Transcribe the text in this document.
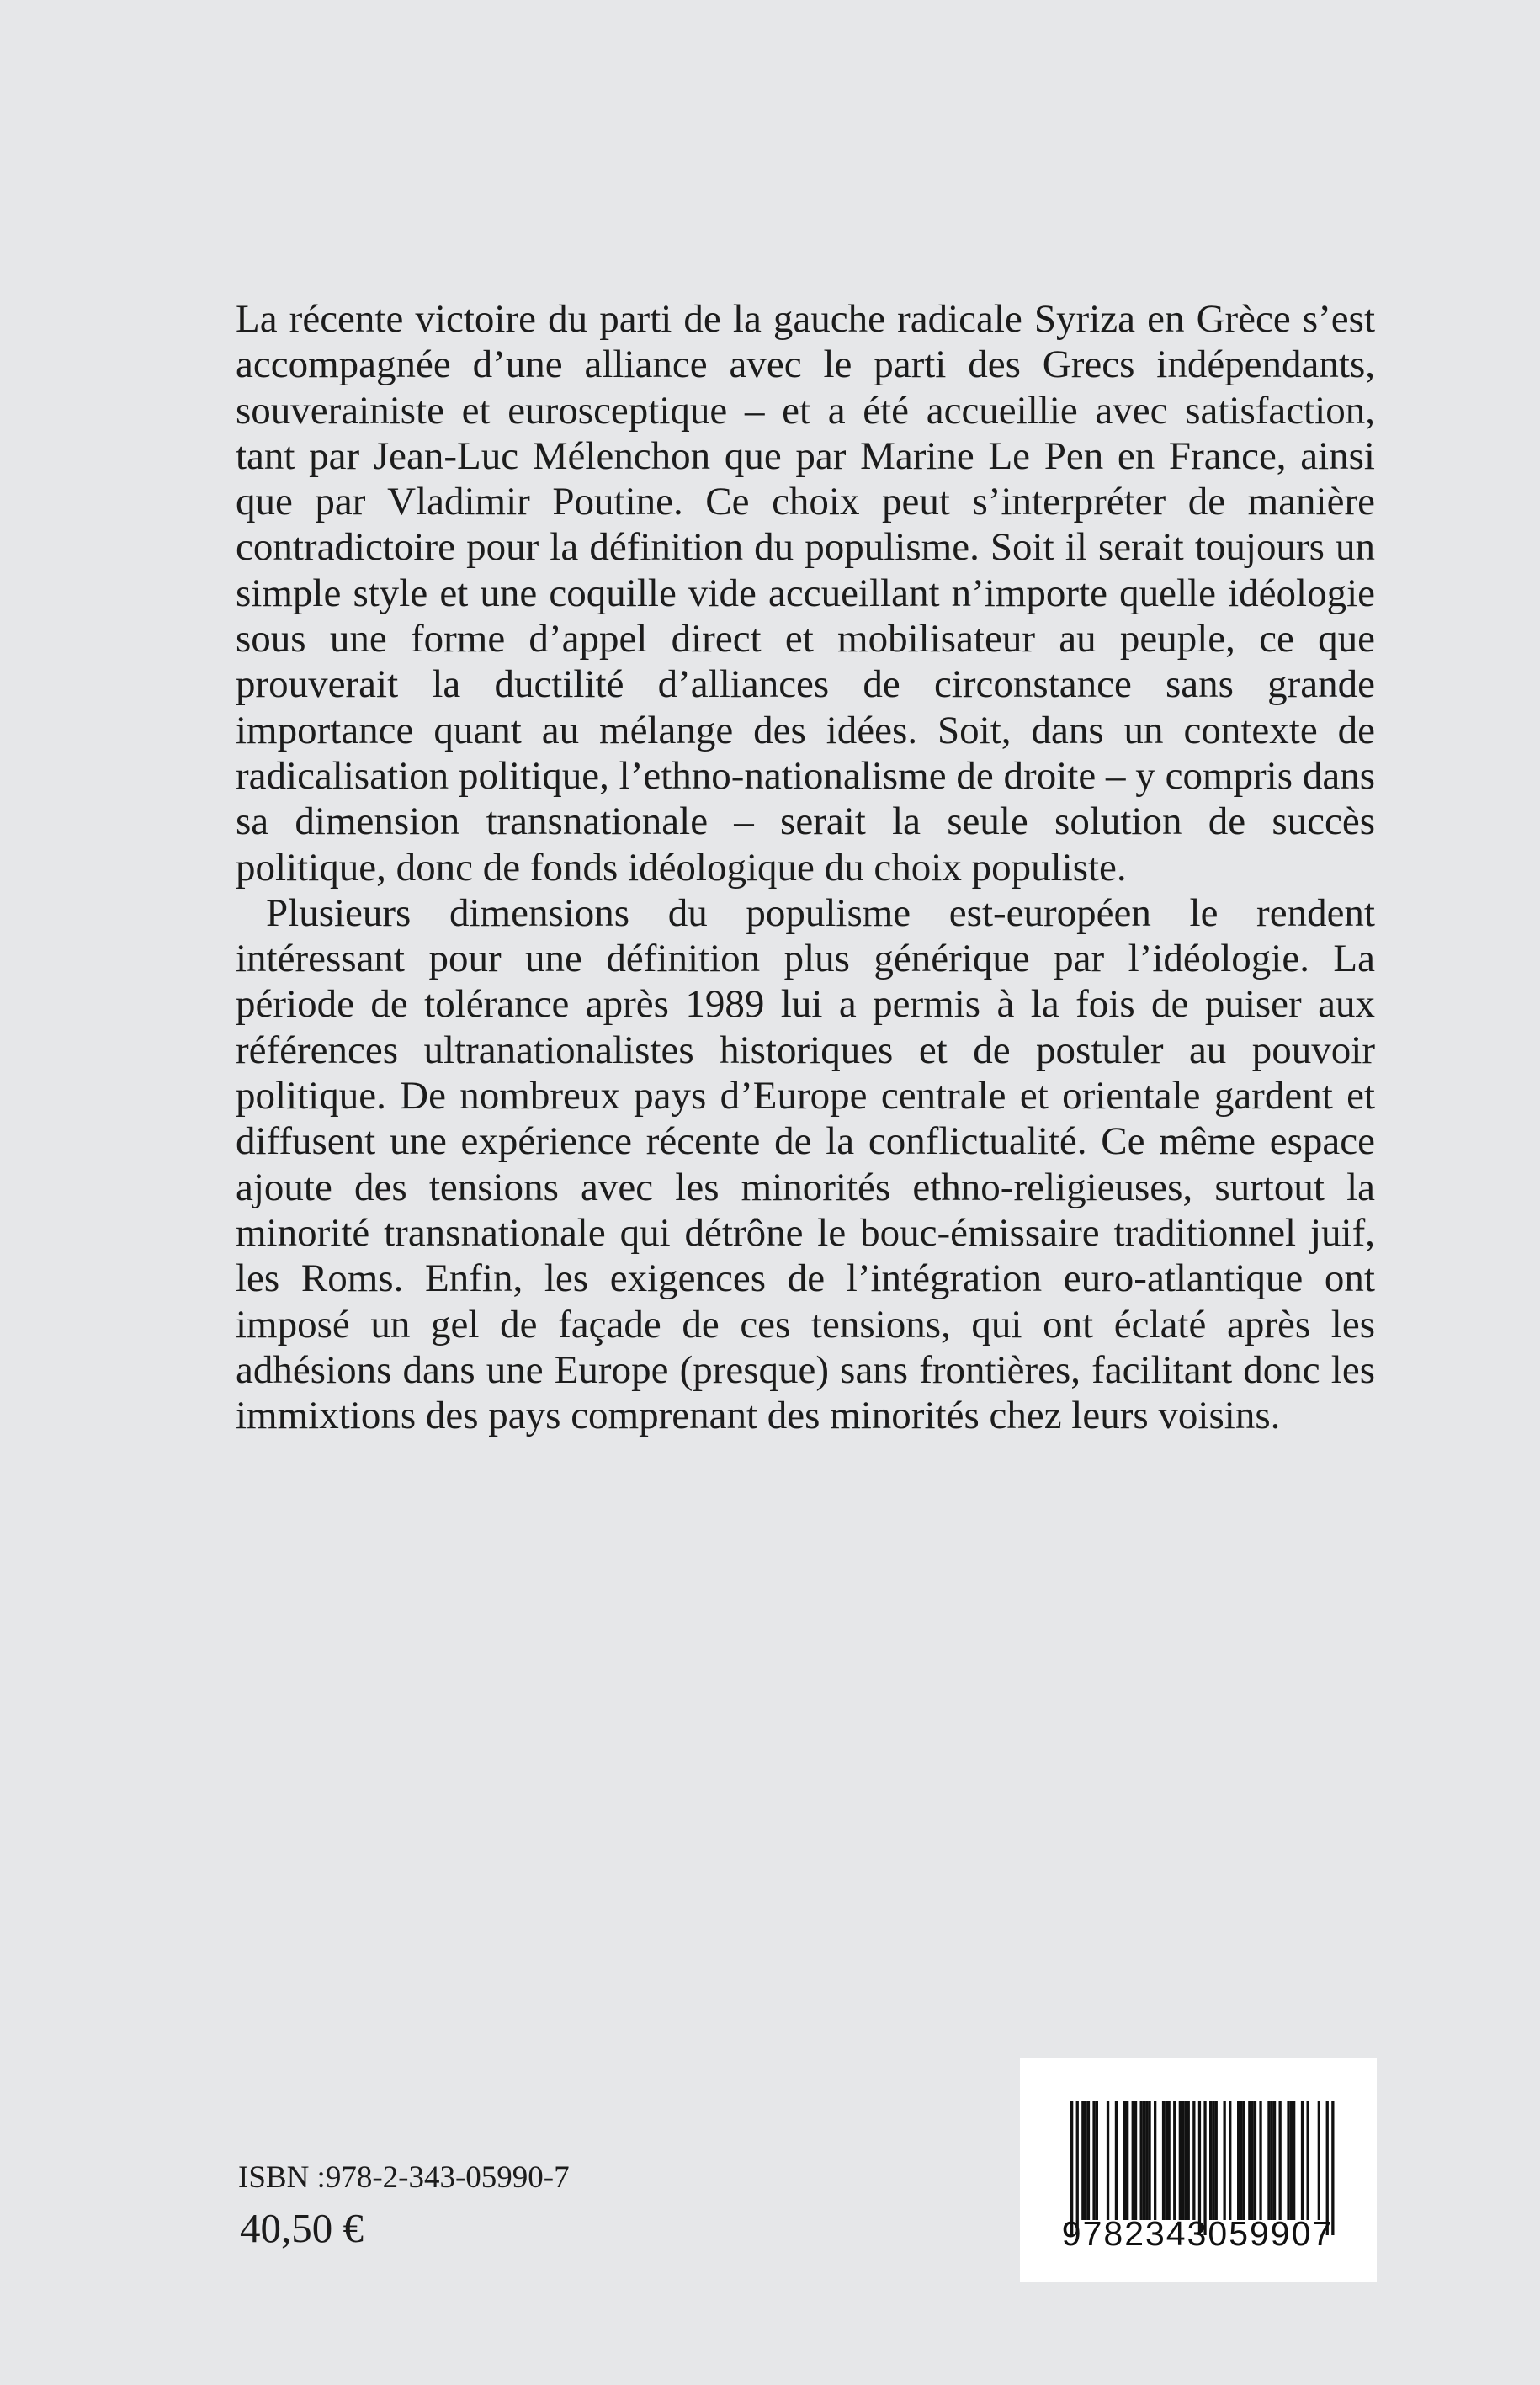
La récente victoire du parti de la gauche radicale Syriza en Grèce s’est accompagnée d’une alliance avec le parti des Grecs indépendants, souverainiste et eurosceptique – et a été accueillie avec satisfaction, tant par Jean-Luc Mélenchon que par Marine Le Pen en France, ainsi que par Vladimir Poutine. Ce choix peut s’interpréter de manière contradictoire pour la définition du populisme. Soit il serait toujours un simple style et une coquille vide accueillant n’importe quelle idéologie sous une forme d’appel direct et mobilisateur au peuple, ce que prouverait la ductilité d’alliances de circonstance sans grande importance quant au mélange des idées. Soit, dans un contexte de radicalisation politique, l’ethno-nationalisme de droite – y compris dans sa dimension transnationale – serait la seule solution de succès politique, donc de fonds idéologique du choix populiste.

Plusieurs dimensions du populisme est-européen le rendent intéressant pour une définition plus générique par l’idéologie. La période de tolérance après 1989 lui a permis à la fois de puiser aux références ultranationalistes historiques et de postuler au pouvoir politique. De nombreux pays d’Europe centrale et orientale gardent et diffusent une expérience récente de la conflictualité. Ce même espace ajoute des tensions avec les minorités ethno-religieuses, surtout la minorité transnationale qui détrône le bouc-émissaire traditionnel juif, les Roms. Enfin, les exigences de l’intégration euro-atlantique ont imposé un gel de façade de ces tensions, qui ont éclaté après les adhésions dans une Europe (presque) sans frontières, facilitant donc les immixtions des pays comprenant des minorités chez leurs voisins.

ISBN :978-2-343-05990-7
40,50 €	9782343059907
